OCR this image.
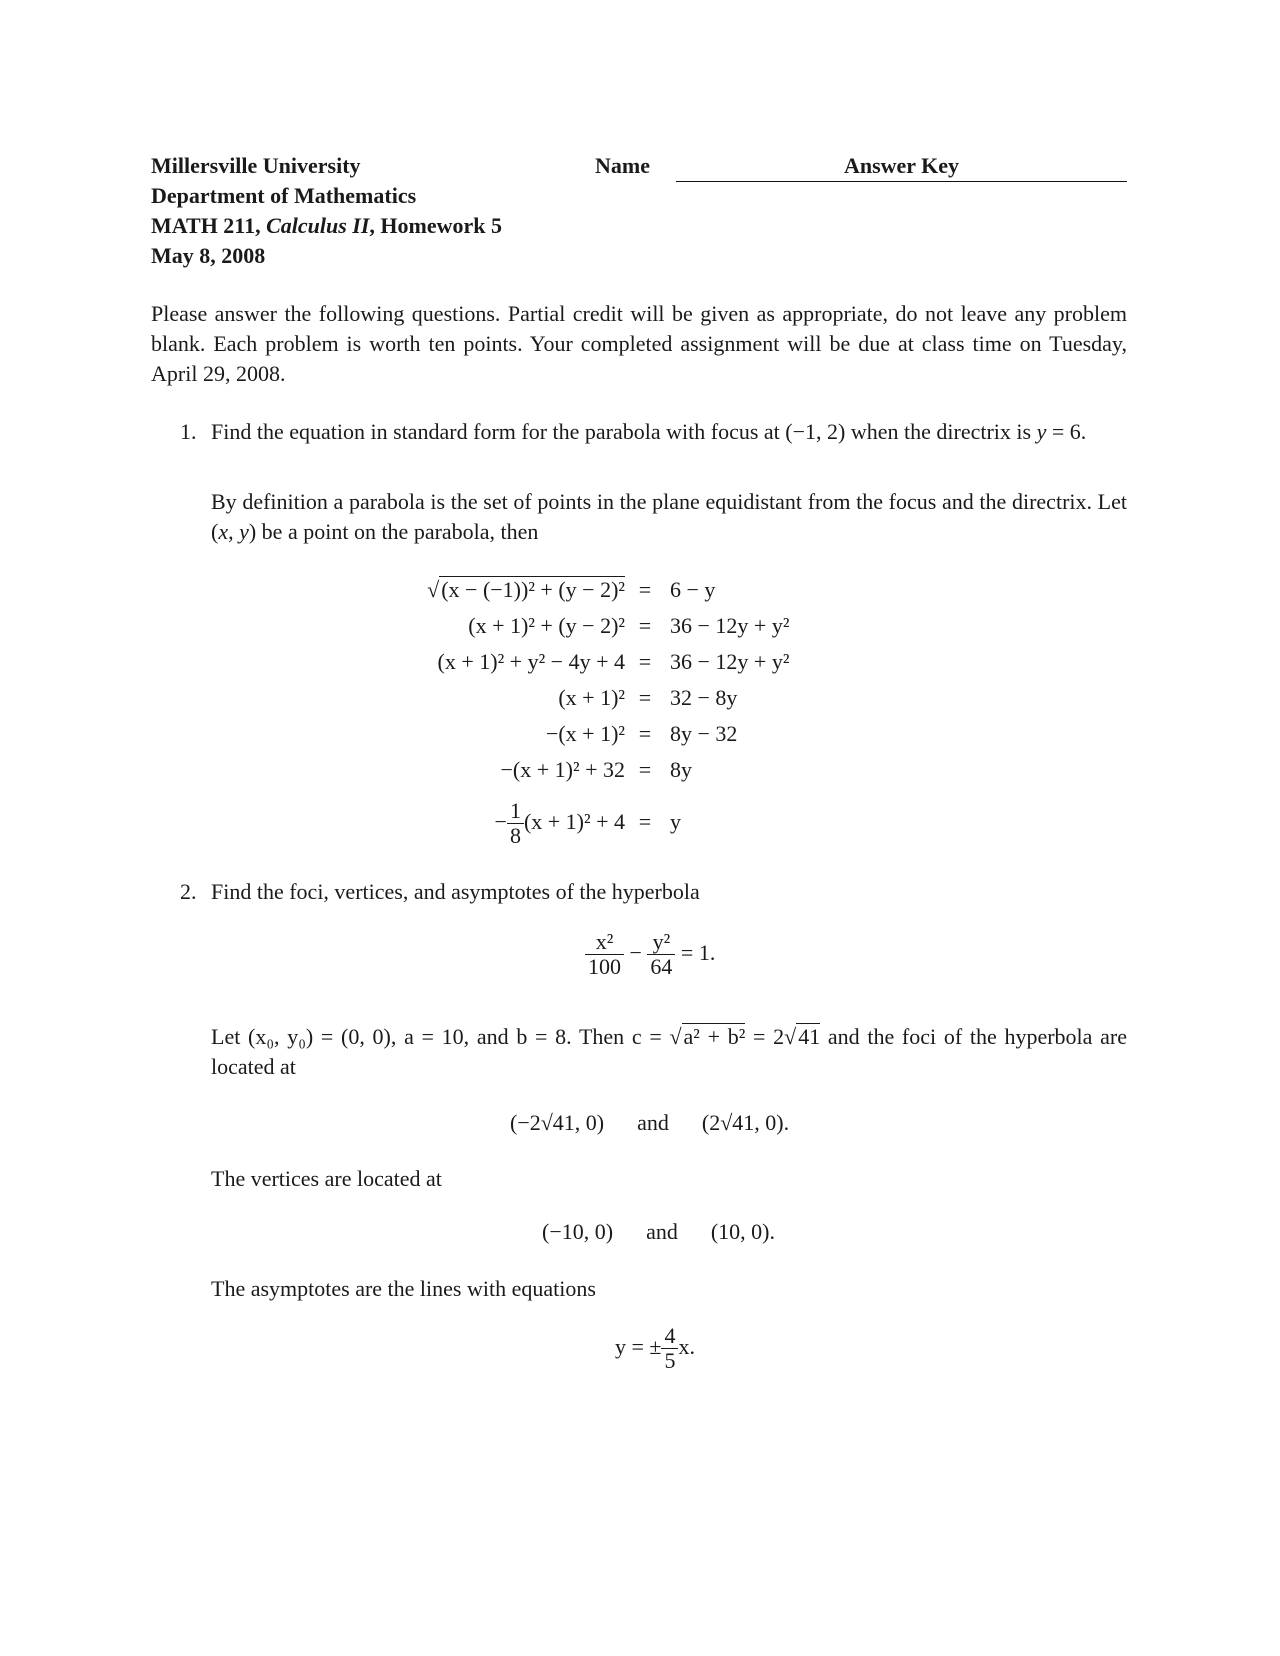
Millersville University
Department of Mathematics
MATH 211, Calculus II, Homework 5
May 8, 2008
Name	Answer Key
Please answer the following questions. Partial credit will be given as appropriate, do not leave any problem blank. Each problem is worth ten points. Your completed assignment will be due at class time on Tuesday, April 29, 2008.
1. Find the equation in standard form for the parabola with focus at (−1, 2) when the directrix is y = 6.
By definition a parabola is the set of points in the plane equidistant from the focus and the directrix. Let (x, y) be a point on the parabola, then
√(x − (−1))² + (y − 2)² = 6 − y
(x + 1)² + (y − 2)² = 36 − 12y + y²
(x + 1)² + y² − 4y + 4 = 36 − 12y + y²
(x + 1)² = 32 − 8y
−(x + 1)² = 8y − 32
−(x + 1)² + 32 = 8y
− $\frac{1}{8} (x + 1)^2 + 4 = y$
2. Find the foci, vertices, and asymptotes of the hyperbola
$\frac{\text{x²}}{100} - \frac{\text{y²}}{64} = 1$.
Let (x₀, y₀) = (0, 0), a = 10, and b = 8. Then c = √a² + b² = 2√41 and the foci of the hyperbola are located at
(−2√41, 0) and (2√41, 0).
The vertices are located at
(−10, 0) and (10, 0).
The asymptotes are the lines with equations
y = ± $\frac{4}{5} x$.
